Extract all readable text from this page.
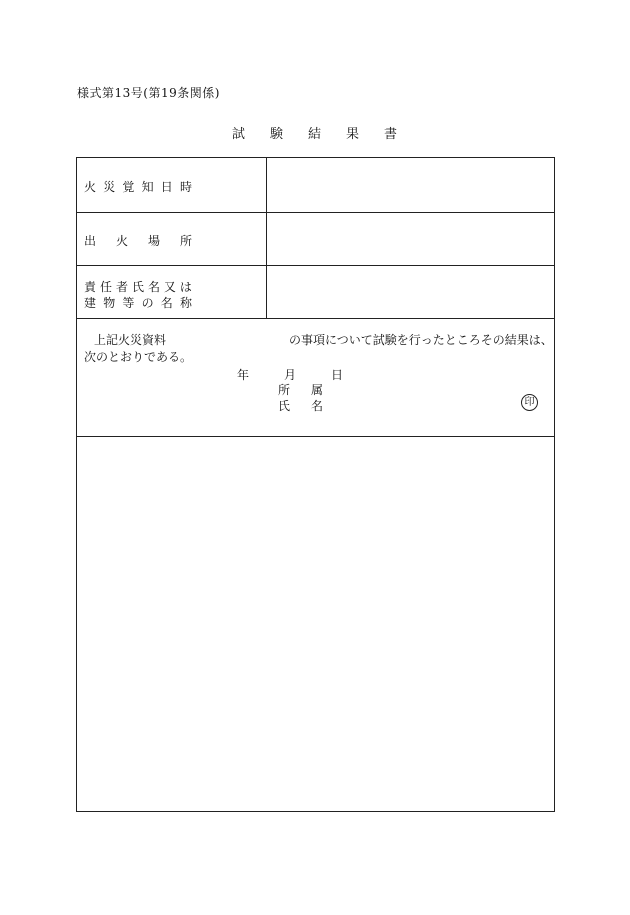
様式第13号(第19条関係)
試 験 結 果 書
火 災 覚 知 日 時
出 火 場 所
責 任 者 氏 名 又 は
建 物 等 の 名 称
上記火災資料	の事項について試験を行ったところその結果は、
次のとおりである。
年	月	日
所 属
氏 名	印
